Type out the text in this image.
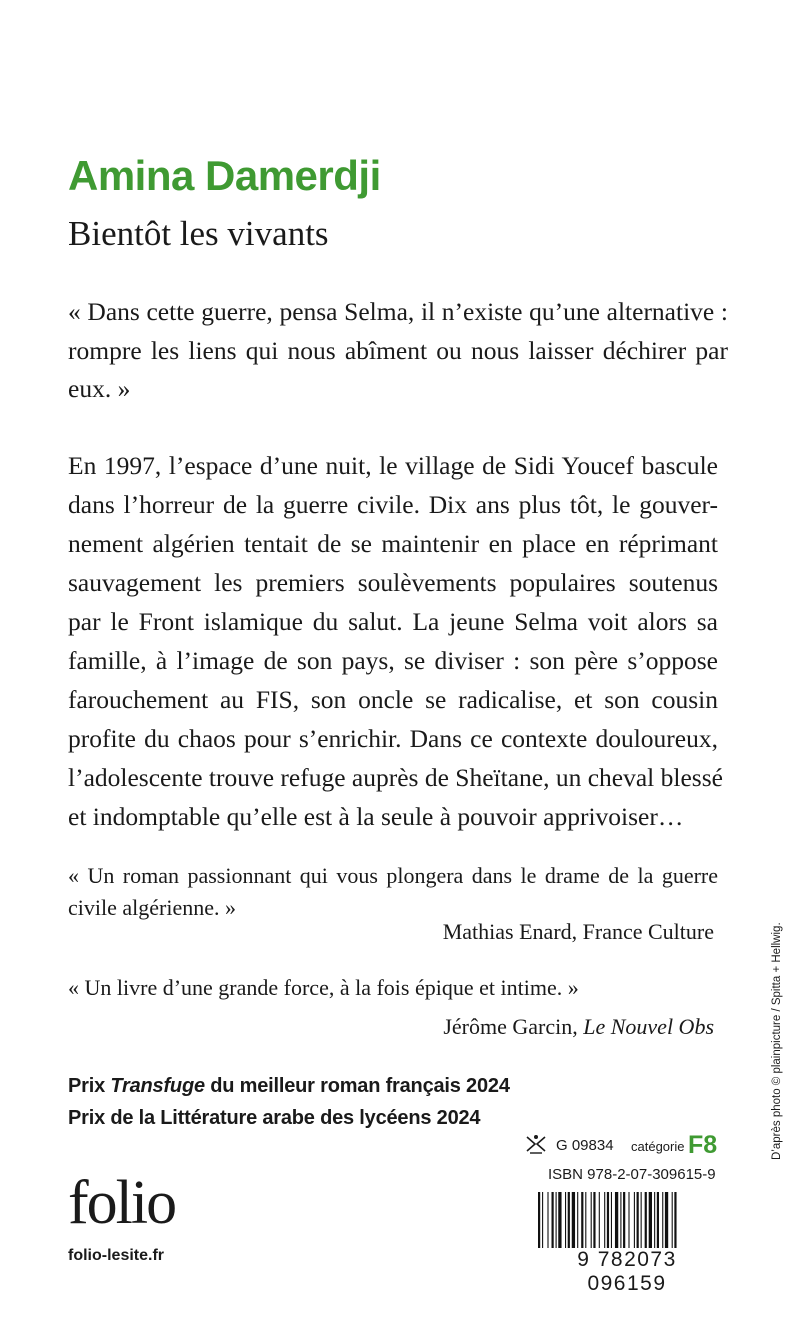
Amina Damerdji
Bientôt les vivants

« Dans cette guerre, pensa Selma, il n’existe qu’une alternative : rompre les liens qui nous abîment ou nous laisser déchirer par eux. »

En 1997, l’espace d’une nuit, le village de Sidi Youcef bascule
dans l’horreur de la guerre civile. Dix ans plus tôt, le gouver-
nement algérien tentait de se maintenir en place en réprimant
sauvagement les premiers soulèvements populaires soutenus
par le Front islamique du salut. La jeune Selma voit alors sa
famille, à l’image de son pays, se diviser : son père s’oppose
farouchement au FIS, son oncle se radicalise, et son cousin
profite du chaos pour s’enrichir. Dans ce contexte douloureux,
l’adolescente trouve refuge auprès de Sheïtane, un cheval blessé
et indomptable qu’elle est à la seule à pouvoir apprivoiser…

« Un roman passionnant qui vous plongera dans le drame de la guerre civile algérienne. »

Mathias Enard, France Culture

« Un livre d’une grande force, à la fois épique et intime. »

Jérôme Garcin, Le Nouvel Obs

Prix Transfuge du meilleur roman français 2024

Prix de la Littérature arabe des lycéens 2024

folio

folio-lesite.fr

G 09834 catégorie F8

ISBN 978-2-07-309615-9

9 782073 096159

D’après photo © plainpicture / Spitta + Hellwig.
